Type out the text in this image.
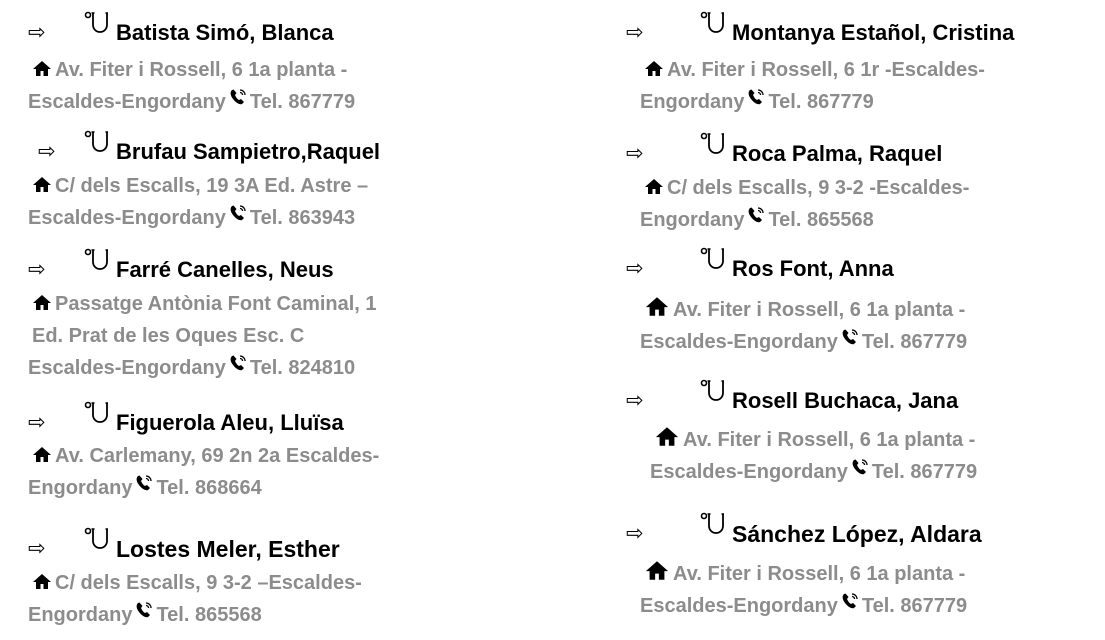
⇨	Batista Simó, Blanca
Av. Fiter i Rossell, 6 1a planta -
Escaldes-Engordany Tel. 867779
⇨	Brufau Sampietro,Raquel
C/ dels Escalls, 19 3A Ed. Astre –
Escaldes-Engordany Tel. 863943
⇨	Farré Canelles, Neus
Passatge Antònia Font Caminal, 1
Ed. Prat de les Oques Esc. C
Escaldes-Engordany Tel. 824810
⇨	Figuerola Aleu, Lluïsa
Av. Carlemany, 69 2n 2a Escaldes-
Engordany Tel. 868664
⇨	Lostes Meler, Esther
C/ dels Escalls, 9 3-2 –Escaldes-
Engordany Tel. 865568
⇨	Montanya Estañol, Cristina
Av. Fiter i Rossell, 6 1r -Escaldes-
Engordany Tel. 867779
⇨	Roca Palma, Raquel
C/ dels Escalls, 9 3-2 -Escaldes-
Engordany Tel. 865568
⇨	Ros Font, Anna
Av. Fiter i Rossell, 6 1a planta -
Escaldes-Engordany Tel. 867779
⇨	Rosell Buchaca, Jana
Av. Fiter i Rossell, 6 1a planta -
Escaldes-Engordany Tel. 867779
⇨	Sánchez López, Aldara
Av. Fiter i Rossell, 6 1a planta -
Escaldes-Engordany Tel. 867779
